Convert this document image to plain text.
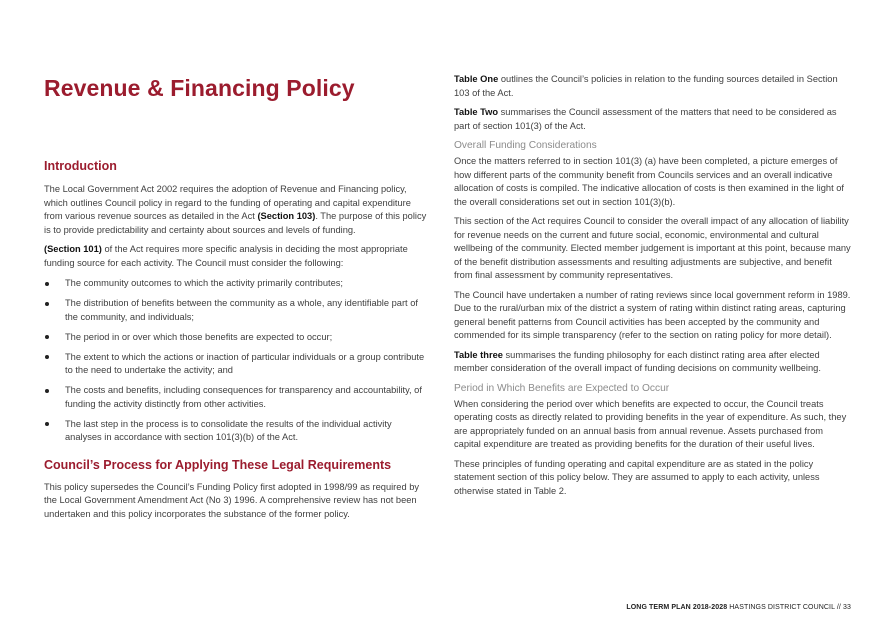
Revenue & Financing Policy
Introduction

The Local Government Act 2002 requires the adoption of Revenue and Financing policy, which outlines Council policy in regard to the funding of operating and capital expenditure from various revenue sources as detailed in the Act (Section 103). The purpose of this policy is to provide predictability and certainty about sources and levels of funding.

(Section 101) of the Act requires more specific analysis in deciding the most appropriate funding source for each activity. The Council must consider the following:

The community outcomes to which the activity primarily contributes;
The distribution of benefits between the community as a whole, any identifiable part of the community, and individuals;
The period in or over which those benefits are expected to occur;
The extent to which the actions or inaction of particular individuals or a group contribute to the need to undertake the activity; and
The costs and benefits, including consequences for transparency and accountability, of funding the activity distinctly from other activities.
The last step in the process is to consolidate the results of the individual activity analyses in accordance with section 101(3)(b) of the Act.
Council’s Process for Applying These Legal Requirements

This policy supersedes the Council’s Funding Policy first adopted in 1998/99 as required by the Local Government Amendment Act (No 3) 1996. A comprehensive review has not been undertaken and this policy incorporates the substance of the former policy.

Table One outlines the Council’s policies in relation to the funding sources detailed in Section 103 of the Act.

Table Two summarises the Council assessment of the matters that need to be considered as part of section 101(3) of the Act.

Overall Funding Considerations

Once the matters referred to in section 101(3) (a) have been completed, a picture emerges of how different parts of the community benefit from Councils services and an overall indicative allocation of costs is compiled. The indicative allocation of costs is then examined in the light of the overall considerations set out in section 101(3)(b).

This section of the Act requires Council to consider the overall impact of any allocation of liability for revenue needs on the current and future social, economic, environmental and cultural wellbeing of the community. Elected member judgement is important at this point, because many of the benefit distribution assessments and resulting adjustments are subjective, and benefit from final assessment by community representatives.

The Council have undertaken a number of rating reviews since local government reform in 1989. Due to the rural/urban mix of the district a system of rating within distinct rating areas, capturing general benefit patterns from Council activities has been accepted by the community and commended for its simple transparency (refer to the section on rating policy for more detail).

Table three summarises the funding philosophy for each distinct rating area after elected member consideration of the overall impact of funding decisions on community wellbeing.

Period in Which Benefits are Expected to Occur

When considering the period over which benefits are expected to occur, the Council treats operating costs as directly related to providing benefits in the year of expenditure. As such, they are appropriately funded on an annual basis from annual revenue. Assets purchased from capital expenditure are treated as providing benefits for the duration of their useful lives.

These principles of funding operating and capital expenditure are as stated in the policy statement section of this policy below. They are assumed to apply to each activity, unless otherwise stated in Table 2.

LONG TERM PLAN 2018-2028 HASTINGS DISTRICT COUNCIL // 33
